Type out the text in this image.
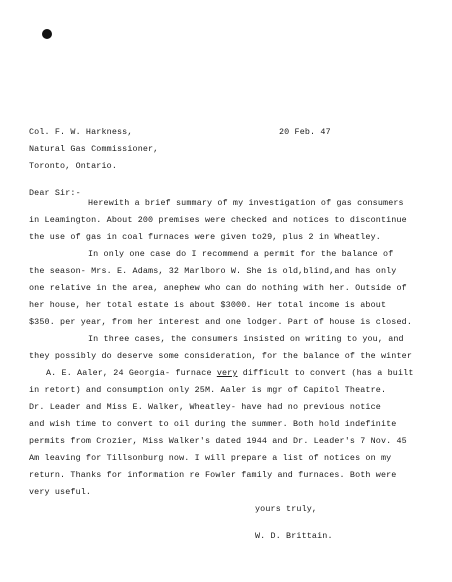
Col. F. W. Harkness,	20 Feb. 47
Natural Gas Commissioner,
Toronto, Ontario.
Dear Sir:-
Herewith a brief summary of my investigation of gas consumers
in Leamington. About 200 premises were checked and notices to discontinue
the use of gas in coal furnaces were given to29, plus 2 in Wheatley.
In only one case do I recommend a permit for the balance of
the season- Mrs. E. Adams, 32 Marlboro W. She is old,blind,and has only
one relative in the area, anephew who can do nothing with her. Outside of
her house, her total estate is about $3000. Her total income is about
$350. per year, from her interest and one lodger. Part of house is closed.
In three cases, the consumers insisted on writing to you, and
they possibly do deserve some consideration, for the balance of the winter
A. E. Aaler, 24 Georgia- furnace very difficult to convert (has a built
in retort) and consumption only 25M. Aaler is mgr of Capitol Theatre.
Dr. Leader and Miss E. Walker, Wheatley- have had no previous notice
and wish time to convert to oil during the summer. Both hold indefinite
permits from Crozier, Miss Walker's dated 1944 and Dr. Leader's 7 Nov. 45
Am leaving for Tillsonburg now. I will prepare a list of notices on my
return. Thanks for information re Fowler family and furnaces. Both were
very useful.
yours truly,
W. D. Brittain.
